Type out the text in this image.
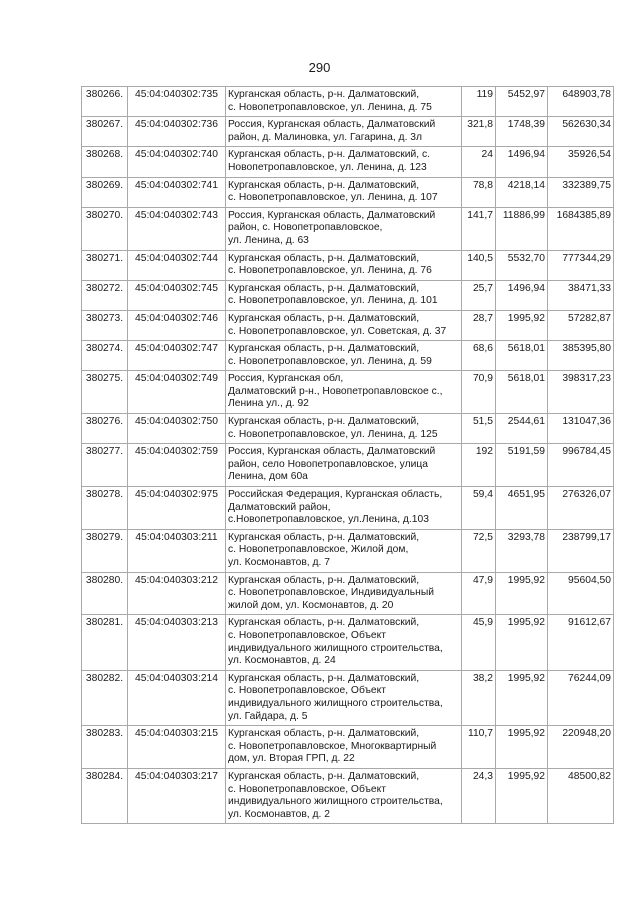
290
380266.	45:04:040302:735	Курганская область, р-н. Далматовский,
с. Новопетропавловское, ул. Ленина, д. 75	119	5452,97	648903,78
380267.	45:04:040302:736	Россия, Курганская область, Далматовский
район, д. Малиновка, ул. Гагарина, д. 3л	321,8	1748,39	562630,34
380268.	45:04:040302:740	Курганская область, р-н. Далматовский, с.
Новопетропавловское, ул. Ленина, д. 123	24	1496,94	35926,54
380269.	45:04:040302:741	Курганская область, р-н. Далматовский,
с. Новопетропавловское, ул. Ленина, д. 107	78,8	4218,14	332389,75
380270.	45:04:040302:743	Россия, Курганская область, Далматовский
район, с. Новопетропавловское,
ул. Ленина, д. 63	141,7	11886,99	1684385,89
380271.	45:04:040302:744	Курганская область, р-н. Далматовский,
с. Новопетропавловское, ул. Ленина, д. 76	140,5	5532,70	777344,29
380272.	45:04:040302:745	Курганская область, р-н. Далматовский,
с. Новопетропавловское, ул. Ленина, д. 101	25,7	1496,94	38471,33
380273.	45:04:040302:746	Курганская область, р-н. Далматовский,
с. Новопетропавловское, ул. Советская, д. 37	28,7	1995,92	57282,87
380274.	45:04:040302:747	Курганская область, р-н. Далматовский,
с. Новопетропавловское, ул. Ленина, д. 59	68,6	5618,01	385395,80
380275.	45:04:040302:749	Россия, Курганская обл,
Далматовский р-н., Новопетропавловское с.,
Ленина ул., д. 92	70,9	5618,01	398317,23
380276.	45:04:040302:750	Курганская область, р-н. Далматовский,
с. Новопетропавловское, ул. Ленина, д. 125	51,5	2544,61	131047,36
380277.	45:04:040302:759	Россия, Курганская область, Далматовский
район, село Новопетропавловское, улица
Ленина, дом 60а	192	5191,59	996784,45
380278.	45:04:040302:975	Российская Федерация, Курганская область,
Далматовский район,
с.Новопетропавловское, ул.Ленина, д.103	59,4	4651,95	276326,07
380279.	45:04:040303:211	Курганская область, р-н. Далматовский,
с. Новопетропавловское, Жилой дом,
ул. Космонавтов, д. 7	72,5	3293,78	238799,17
380280.	45:04:040303:212	Курганская область, р-н. Далматовский,
с. Новопетропавловское, Индивидуальный
жилой дом, ул. Космонавтов, д. 20	47,9	1995,92	95604,50
380281.	45:04:040303:213	Курганская область, р-н. Далматовский,
с. Новопетропавловское, Объект
индивидуального жилищного строительства,
ул. Космонавтов, д. 24	45,9	1995,92	91612,67
380282.	45:04:040303:214	Курганская область, р-н. Далматовский,
с. Новопетропавловское, Объект
индивидуального жилищного строительства,
ул. Гайдара, д. 5	38,2	1995,92	76244,09
380283.	45:04:040303:215	Курганская область, р-н. Далматовский,
с. Новопетропавловское, Многоквартирный
дом, ул. Вторая ГРП, д. 22	110,7	1995,92	220948,20
380284.	45:04:040303:217	Курганская область, р-н. Далматовский,
с. Новопетропавловское, Объект
индивидуального жилищного строительства,
ул. Космонавтов, д. 2	24,3	1995,92	48500,82
